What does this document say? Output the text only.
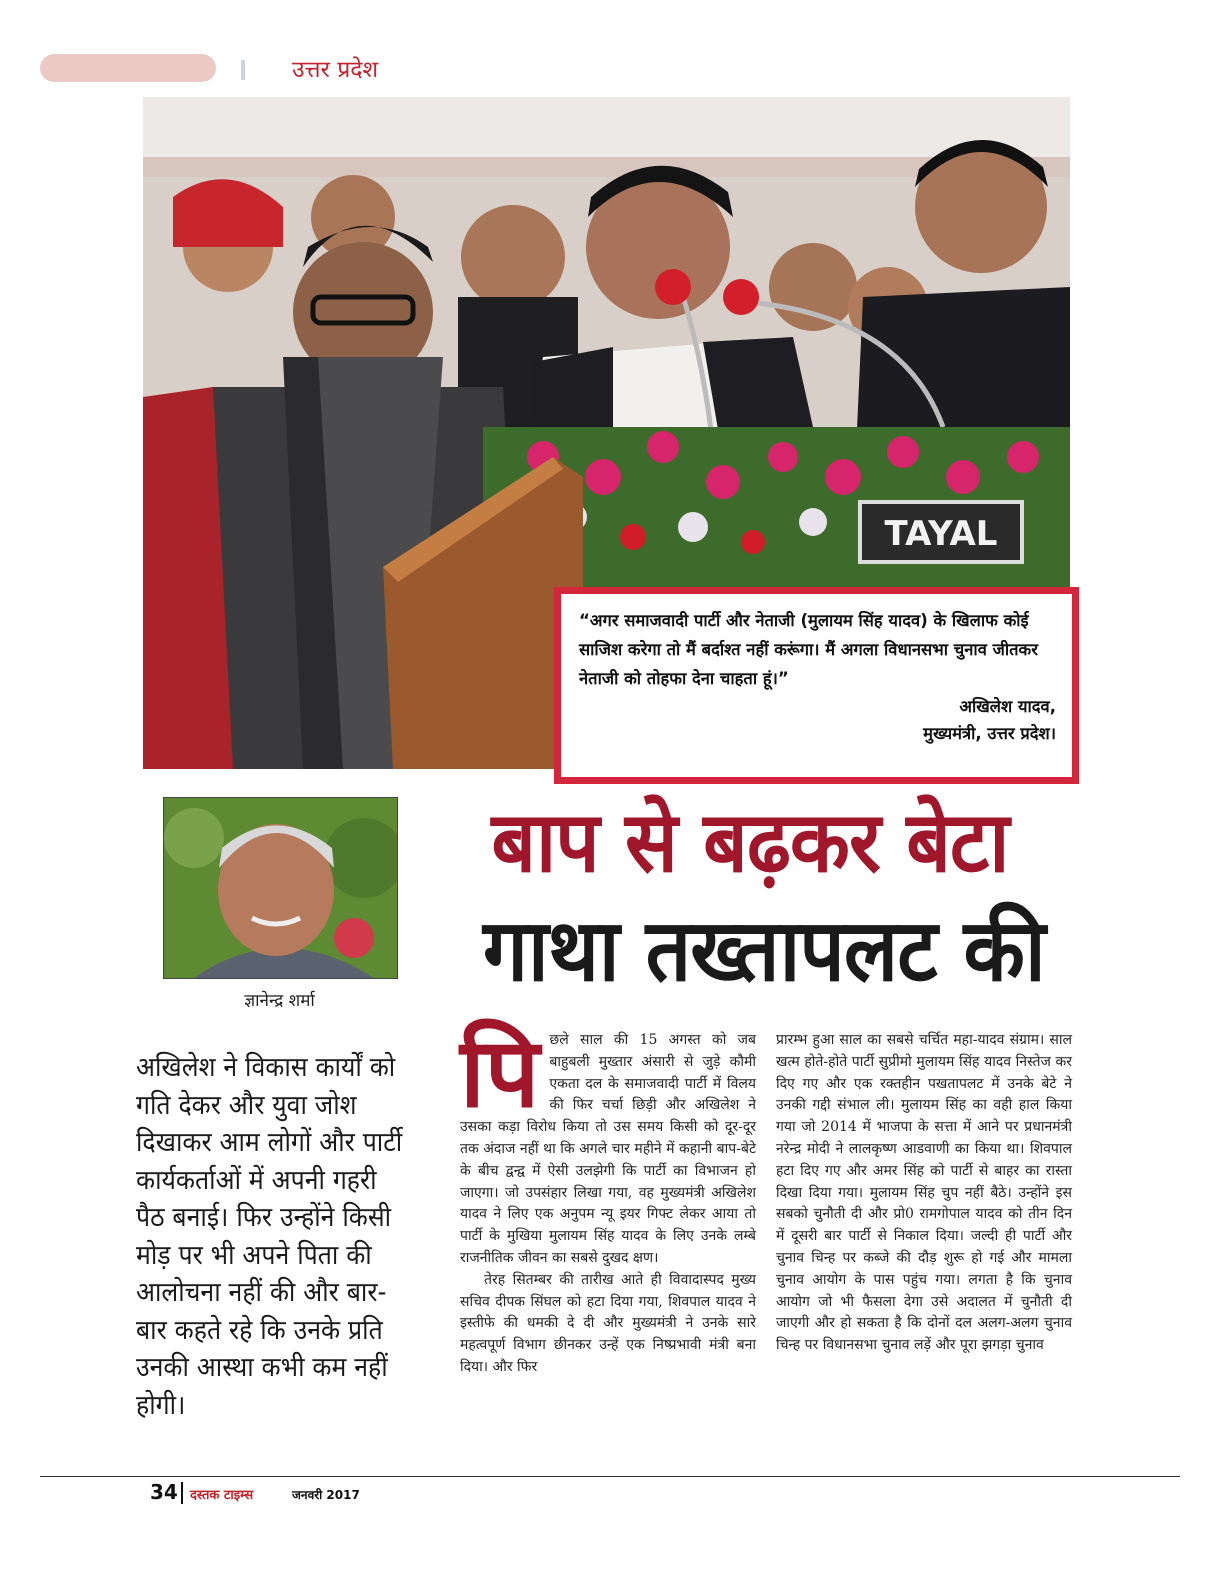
उत्तर प्रदेश
TAYAL
“अगर समाजवादी पार्टी और नेताजी (मुलायम सिंह यादव) के खिलाफ कोई साजिश करेगा तो मैं बर्दाश्त नहीं करूंगा। मैं अगला विधानसभा चुनाव जीतकर नेताजी को तोहफा देना चाहता हूं।”
अखिलेश यादव,
मुख्यमंत्री, उत्तर प्रदेश।
ज्ञानेन्द्र शर्मा
बाप से बढ़कर बेटा
गाथा तख्तापलट की
अखिलेश ने विकास कार्यों को गति देकर और युवा जोश दिखाकर आम लोगों और पार्टी कार्यकर्ताओं में अपनी गहरी पैठ बनाई। फिर उन्होंने किसी मोड़ पर भी अपने पिता की आलोचना नहीं की और बार-बार कहते रहे कि उनके प्रति उनकी आस्था कभी कम नहीं होगी।
पि छले साल की 15 अगस्त को जब बाहुबली मुख्तार अंसारी से जुड़े कौमी एकता दल के समाजवादी पार्टी में विलय की फिर चर्चा छिड़ी और अखिलेश ने उसका कड़ा विरोध किया तो उस समय किसी को दूर-दूर तक अंदाज नहीं था कि अगले चार महीने में कहानी बाप-बेटे के बीच द्वन्द्व में ऐसी उलझेगी कि पार्टी का विभाजन हो जाएगा। जो उपसंहार लिखा गया, वह मुख्यमंत्री अखिलेश यादव ने लिए एक अनुपम न्यू इयर गिफ्ट लेकर आया तो पार्टी के मुखिया मुलायम सिंह यादव के लिए उनके लम्बे राजनीतिक जीवन का सबसे दुखद क्षण।

तेरह सितम्बर की तारीख आते ही विवादास्पद मुख्य सचिव दीपक सिंघल को हटा दिया गया, शिवपाल यादव ने इस्तीफे की धमकी दे दी और मुख्यमंत्री ने उनके सारे महत्वपूर्ण विभाग छीनकर उन्हें एक निष्प्रभावी मंत्री बना दिया। और फिर

प्रारम्भ हुआ साल का सबसे चर्चित महा-यादव संग्राम। साल खत्म होते-होते पार्टी सुप्रीमो मुलायम सिंह यादव निस्तेज कर दिए गए और एक रक्तहीन पखतापलट में उनके बेटे ने उनकी गद्दी संभाल ली। मुलायम सिंह का वही हाल किया गया जो 2014 में भाजपा के सत्ता में आने पर प्रधानमंत्री नरेन्द्र मोदी ने लालकृष्ण आडवाणी का किया था। शिवपाल हटा दिए गए और अमर सिंह को पार्टी से बाहर का रास्ता दिखा दिया गया। मुलायम सिंह चुप नहीं बैठे। उन्होंने इस सबको चुनौती दी और प्रो0 रामगोपाल यादव को तीन दिन में दूसरी बार पार्टी से निकाल दिया। जल्दी ही पार्टी और चुनाव चिन्ह पर कब्जे की दौड़ शुरू हो गई और मामला चुनाव आयोग के पास पहुंच गया। लगता है कि चुनाव आयोग जो भी फैसला देगा उसे अदालत में चुनौती दी जाएगी और हो सकता है कि दोनों दल अलग-अलग चुनाव चिन्ह पर विधानसभा चुनाव लड़ें और पूरा झगड़ा चुनाव

34 दस्तक टाइम्स	जनवरी 2017
